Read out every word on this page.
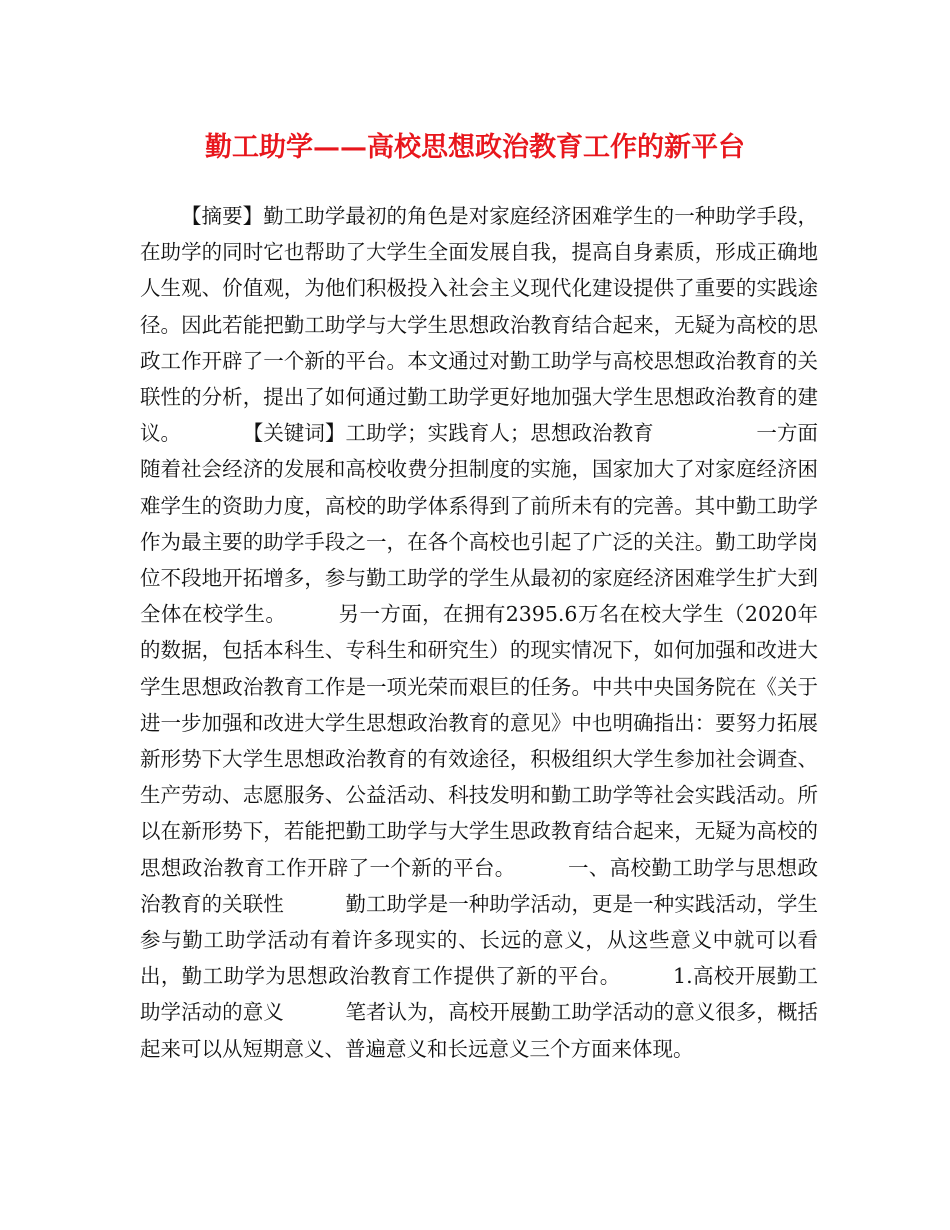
勤工助学——高校思想政治教育工作的新平台

【摘要】勤工助学最初的角色是对家庭经济困难学生的一种助学手段，在助学的同时它也帮助了大学生全面发展自我，提高自身素质，形成正确地人生观、价值观，为他们积极投入社会主义现代化建设提供了重要的实践途径。因此若能把勤工助学与大学生思想政治教育结合起来，无疑为高校的思政工作开辟了一个新的平台。本文通过对勤工助学与高校思想政治教育的关联性的分析，提出了如何通过勤工助学更好地加强大学生思想政治教育的建议。　　　　【关键词】工助学；实践育人；思想政治教育　　　　　一方面随着社会经济的发展和高校收费分担制度的实施，国家加大了对家庭经济困难学生的资助力度，高校的助学体系得到了前所未有的完善。其中勤工助学作为最主要的助学手段之一，在各个高校也引起了广泛的关注。勤工助学岗位不段地开拓增多，参与勤工助学的学生从最初的家庭经济困难学生扩大到全体在校学生。　　　另一方面，在拥有2395.6万名在校大学生（2020年的数据，包括本科生、专科生和研究生）的现实情况下，如何加强和改进大学生思想政治教育工作是一项光荣而艰巨的任务。中共中央国务院在《关于进一步加强和改进大学生思想政治教育的意见》中也明确指出：要努力拓展新形势下大学生思想政治教育的有效途径，积极组织大学生参加社会调查、生产劳动、志愿服务、公益活动、科技发明和勤工助学等社会实践活动。所以在新形势下，若能把勤工助学与大学生思政教育结合起来，无疑为高校的思想政治教育工作开辟了一个新的平台。　　　一、高校勤工助学与思想政治教育的关联性　　　勤工助学是一种助学活动，更是一种实践活动，学生参与勤工助学活动有着许多现实的、长远的意义，从这些意义中就可以看出，勤工助学为思想政治教育工作提供了新的平台。　　　1.高校开展勤工助学活动的意义　　　笔者认为，高校开展勤工助学活动的意义很多，概括起来可以从短期意义、普遍意义和长远意义三个方面来体现。
